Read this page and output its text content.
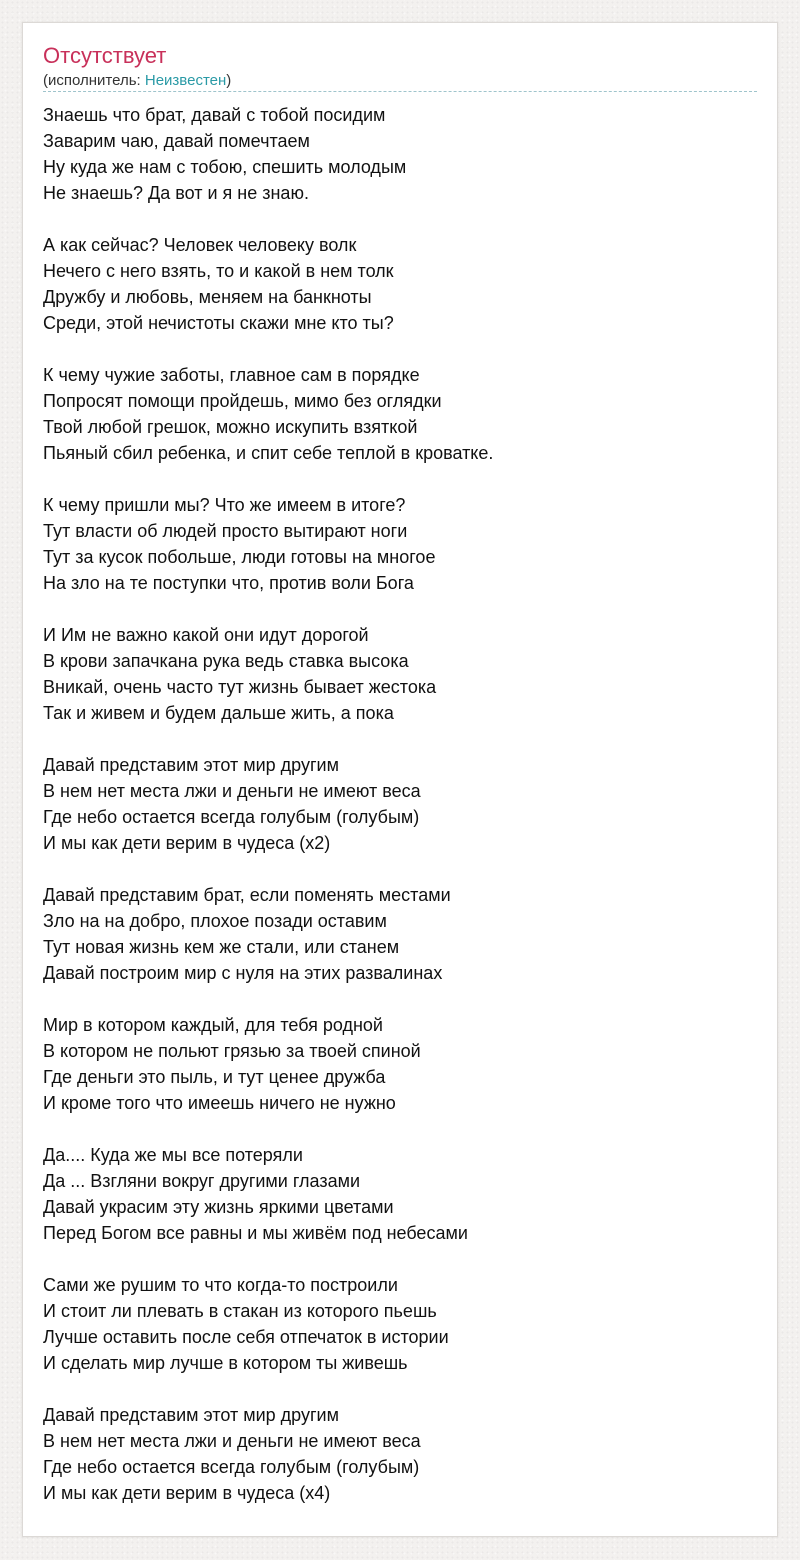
Отсутствует
(исполнитель: Неизвестен)
Знаешь что брат, давай с тобой посидим
Заварим чаю, давай помечтаем
Ну куда же нам с тобою, спешить молодым
Не знаешь? Да вот и я не знаю.
А как сейчас? Человек человеку волк
Нечего с него взять, то и какой в нем толк
Дружбу и любовь, меняем на банкноты
Среди, этой нечистоты скажи мне кто ты?
К чему чужие заботы, главное сам в порядке
Попросят помощи пройдешь, мимо без оглядки
Твой любой грешок, можно искупить взяткой
Пьяный сбил ребенка, и спит себе теплой в кроватке.
К чему пришли мы? Что же имеем в итоге?
Тут власти об людей просто вытирают ноги
Тут за кусок побольше, люди готовы на многое
На зло на те поступки что, против воли Бога
И Им не важно какой они идут дорогой
В крови запачкана рука ведь ставка высока
Вникай, очень часто тут жизнь бывает жестока
Так и живем и будем дальше жить, а пока
Давай представим этот мир другим
В нем нет места лжи и деньги не имеют веса
Где небо остается всегда голубым (голубым)
И мы как дети верим в чудеса (x2)
Давай представим брат, если поменять местами
Зло на на добро, плохое позади оставим
Тут новая жизнь кем же стали, или станем
Давай построим мир с нуля на этих развалинах
Мир в котором каждый, для тебя родной
В котором не польют грязью за твоей спиной
Где деньги это пыль, и тут ценее дружба
И кроме того что имеешь ничего не нужно
Да.... Куда же мы все потеряли
Да ... Взгляни вокруг другими глазами
Давай украсим эту жизнь яркими цветами
Перед Богом все равны и мы живём под небесами
Сами же рушим то что когда-то построили
И стоит ли плевать в стакан из которого пьешь
Лучше оставить после себя отпечаток в истории
И сделать мир лучше в котором ты живешь
Давай представим этот мир другим
В нем нет места лжи и деньги не имеют веса
Где небо остается всегда голубым (голубым)
И мы как дети верим в чудеса (x4)
